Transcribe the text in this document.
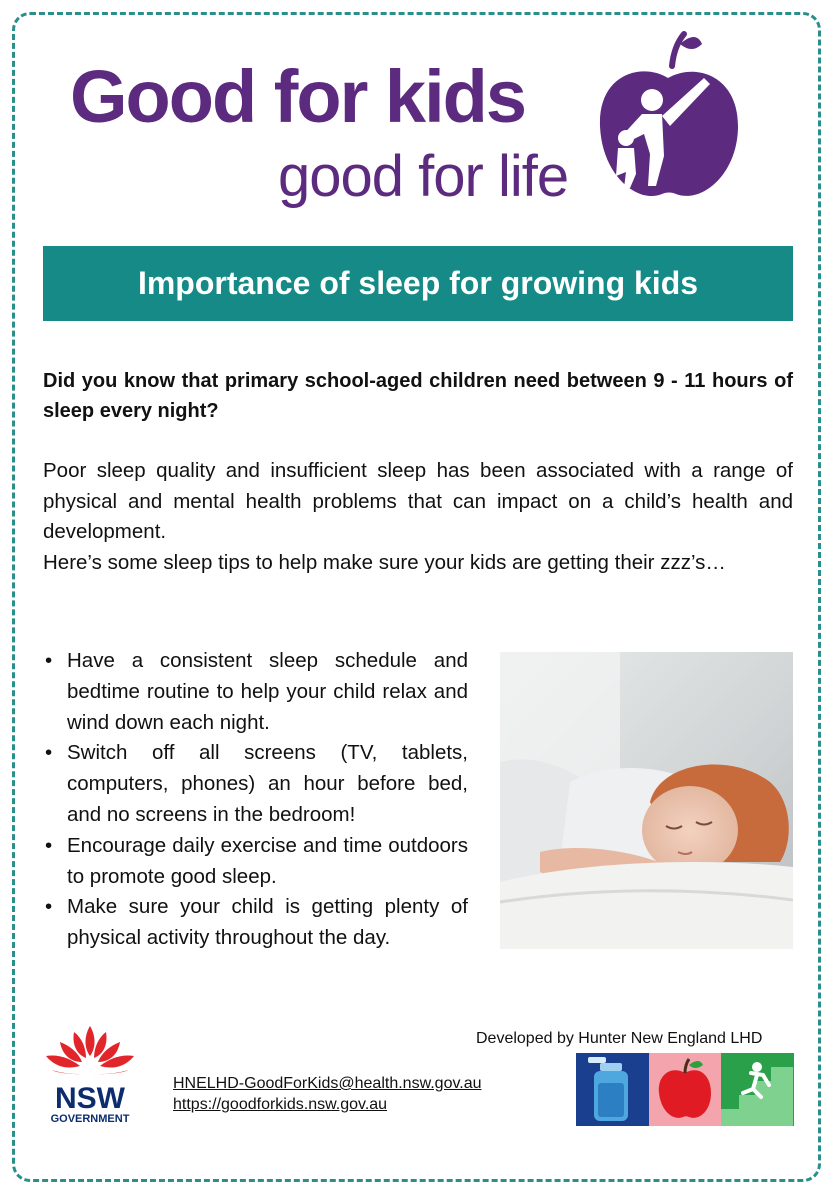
Good for kids
good for life
Importance of sleep for growing kids
Did you know that primary school-aged children need between 9 - 11 hours of sleep every night?

Poor sleep quality and insufficient sleep has been associated with a range of physical and mental health problems that can impact on a child’s health and development.

Here’s some sleep tips to help make sure your kids are getting their zzz’s…

• Have a consistent sleep schedule and bedtime routine to help your child relax and wind down each night.
• Switch off all screens (TV, tablets, computers, phones) an hour before bed, and no screens in the bedroom!
• Encourage daily exercise and time outdoors to promote good sleep.
• Make sure your child is getting plenty of physical activity throughout the day.
NSW
GOVERNMENT
HNELHD-GoodForKids@health.nsw.gov.au
https://goodforkids.nsw.gov.au
Developed by Hunter New England LHD
